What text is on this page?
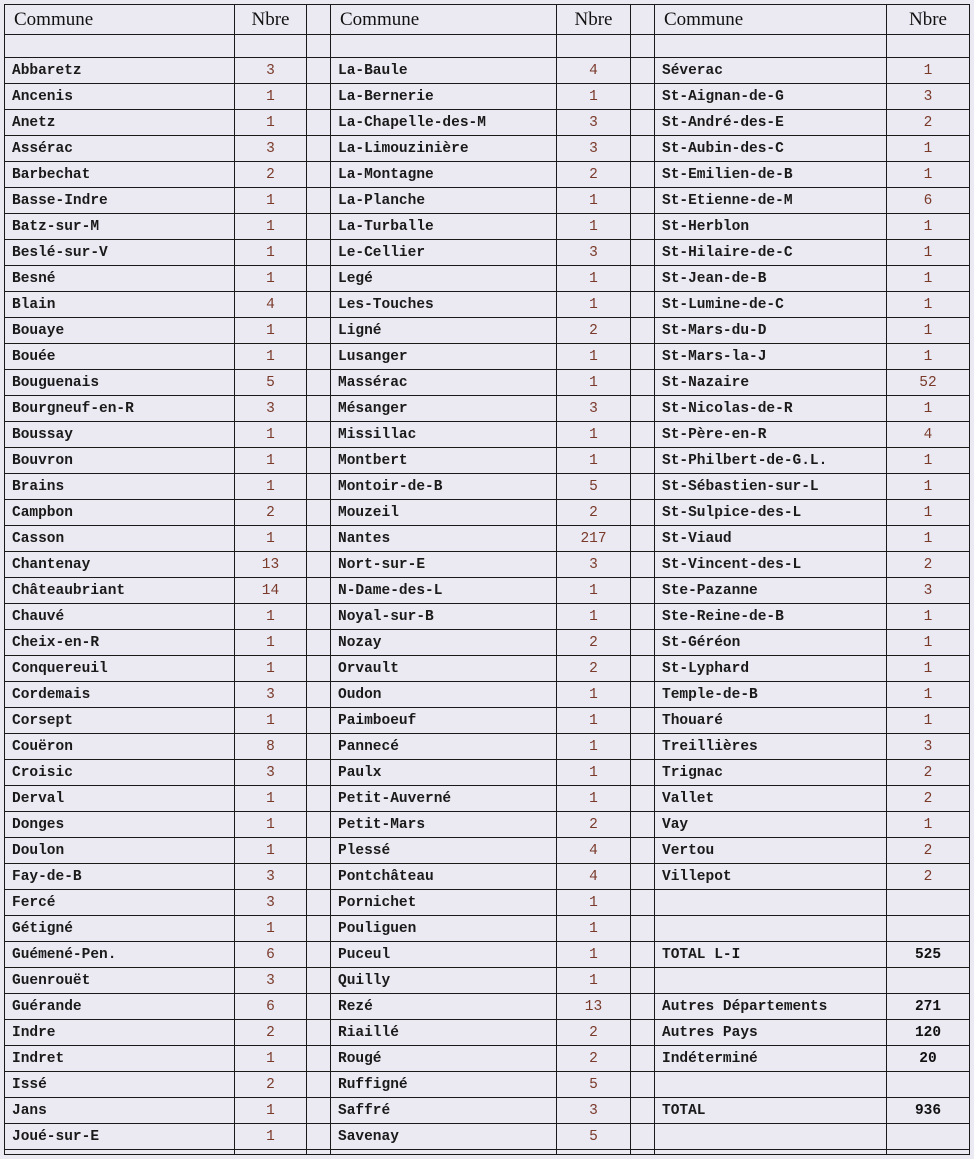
Commune	Nbre
Abbaretz	3
Ancenis	1
Anetz	1
Assérac	3
Barbechat	2
Basse-Indre	1
Batz-sur-M	1
Beslé-sur-V	1
Besné	1
Blain	4
Bouaye	1
Bouée	1
Bouguenais	5
Bourgneuf-en-R	3
Boussay	1
Bouvron	1
Brains	1
Campbon	2
Casson	1
Chantenay	13
Châteaubriant	14
Chauvé	1
Cheix-en-R	1
Conquereuil	1
Cordemais	3
Corsept	1
Couëron	8
Croisic	3
Derval	1
Donges	1
Doulon	1
Fay-de-B	3
Fercé	3
Gétigné	1
Guémené-Pen.	6
Guenrouët	3
Guérande	6
Indre	2
Indret	1
Issé	2
Jans	1
Joué-sur-E	1
Commune	Nbre
La-Baule	4
La-Bernerie	1
La-Chapelle-des-M	3
La-Limouzinière	3
La-Montagne	2
La-Planche	1
La-Turballe	1
Le-Cellier	3
Legé	1
Les-Touches	1
Ligné	2
Lusanger	1
Massérac	1
Mésanger	3
Missillac	1
Montbert	1
Montoir-de-B	5
Mouzeil	2
Nantes	217
Nort-sur-E	3
N-Dame-des-L	1
Noyal-sur-B	1
Nozay	2
Orvault	2
Oudon	1
Paimboeuf	1
Pannecé	1
Paulx	1
Petit-Auverné	1
Petit-Mars	2
Plessé	4
Pontchâteau	4
Pornichet	1
Pouliguen	1
Puceul	1
Quilly	1
Rezé	13
Riaillé	2
Rougé	2
Ruffigné	5
Saffré	3
Savenay	5
Commune	Nbre
Séverac	1
St-Aignan-de-G	3
St-André-des-E	2
St-Aubin-des-C	1
St-Emilien-de-B	1
St-Etienne-de-M	6
St-Herblon	1
St-Hilaire-de-C	1
St-Jean-de-B	1
St-Lumine-de-C	1
St-Mars-du-D	1
St-Mars-la-J	1
St-Nazaire	52
St-Nicolas-de-R	1
St-Père-en-R	4
St-Philbert-de-G.L.	1
St-Sébastien-sur-L	1
St-Sulpice-des-L	1
St-Viaud	1
St-Vincent-des-L	2
Ste-Pazanne	3
Ste-Reine-de-B	1
St-Géréon	1
St-Lyphard	1
Temple-de-B	1
Thouaré	1
Treillières	3
Trignac	2
Vallet	2
Vay	1
Vertou	2
Villepot	2
TOTAL L-I	525
Autres Départements	271
Autres Pays	120
Indéterminé	20
TOTAL	936
